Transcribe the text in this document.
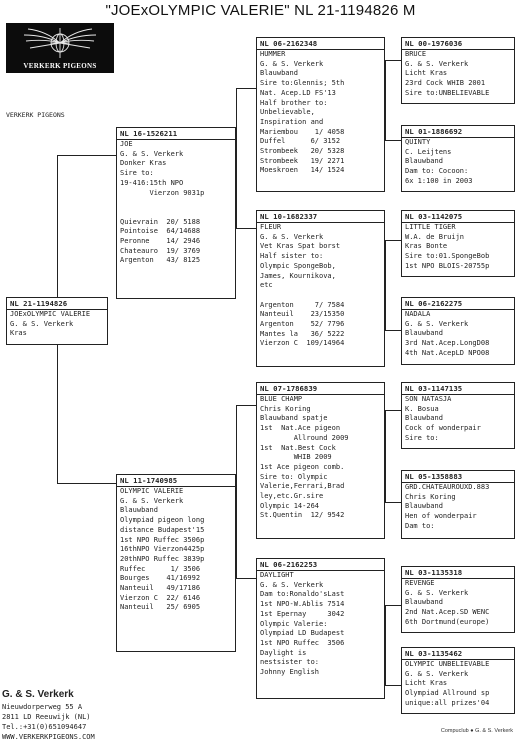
"JOExOLYMPIC VALERIE" NL 21-1194826 M
VERKERK PIGEONS
VERKERK PIGEONS
NL 21-1194826
JOExOLYMPIC VALERIE
G. & S. Verkerk
Kras
NL 16-1526211
JOE
G. & S. Verkerk
Donker Kras
Sire to:
19-416:15th NPO
Vierzon 9031p

Quievrain  20/ 5188
Pointoise  64/14688
Peronne    14/ 2946
Chateauro  19/ 3769
Argenton   43/ 8125
NL 11-1740985
OLYMPIC VALERIE
G. & S. Verkerk
Blauwband
Olympiad pigeon long
distance Budapest'15
1st NPO Ruffec 3506p
16thNPO Vierzon4425p
20thNPO Ruffec 3839p
Ruffec      1/ 3506
Bourges    41/16992
Nanteuil   49/17186
Vierzon C  22/ 6146
Nanteuil   25/ 6905
NL 06-2162348
HUMMER
G. & S. Verkerk
Blauwband
Sire to:Glennis; 5th
Nat. Acep.LD FS'13
Half brother to:
Unbelievable,
Inspiration and
Mariembou    1/ 4058
Duffel      6/ 3152
Strombeek   20/ 5328
Strombeek   19/ 2271
Moeskroen   14/ 1524
NL 10-1682337
FLEUR
G. & S. Verkerk
Vet Kras Spat borst
Half sister to:
Olympic SpongeBob,
James, Kournikova,
etc

Argenton     7/ 7584
Nanteuil    23/15350
Argenton    52/ 7796
Mantes la   36/ 5222
Vierzon C  109/14964
NL 07-1786839
BLUE CHAMP
Chris Koring
Blauwband spatje
1st  Nat.Ace pigeon
Allround 2009
1st  Nat.Best Cock
WHIB 2009
1st Ace pigeon comb.
Sire to: Olympic
Valerie,Ferrari,Brad
ley,etc.Gr.sire
Olympic 14-264
St.Quentin  12/ 9542
NL 06-2162253
DAYLIGHT
G. & S. Verkerk
Dam to:Ronaldo'sLast
1st NPO-W.Ablis 7514
1st Epernay     3042
Olympic Valerie:
Olympiad LD Budapest
1st NPO Ruffec  3506
Daylight is
nestsister to:
Johnny English
NL 00-1976036
BRUCE
G. & S. Verkerk
Licht Kras
23rd Cock WHIB 2001
Sire to:UNBELIEVABLE
NL 01-1886692
QUINTY
C. Leijtens
Blauwband
Dam to: Cocoon:
6x 1:100 in 2003
NL 03-1142075
LITTLE TIGER
W.A. de Bruijn
Kras Bonte
Sire to:01.SpongeBob
1st NPO BLOIS-20755p
NL 06-2162275
NADALA
G. & S. Verkerk
Blauwband
3rd Nat.Acep.LongD08
4th Nat.AcepLD NPO08
NL 03-1147135
SON NATASJA
K. Bosua
Blauwband
Cock of wonderpair
Sire to:
NL 05-1358883
GRD.CHATEAUROUXD.883
Chris Koring
Blauwband
Hen of wonderpair
Dam to:
NL 03-1135318
REVENGE
G. & S. Verkerk
Blauwband
2nd Nat.Acep.SD WENC
6th Dortmund(europe)
NL 03-1135462
OLYMPIC UNBELIEVABLE
G. & S. Verkerk
Licht Kras
Olympiad Allround sp
unique:all prizes'04
G. & S. Verkerk
Nieuwdorperweg 55 A
2811 LD Reeuwijk (NL)
Tel.:+31(0)651094647
WWW.VERKERKPIGEONS.COM
Compuclub ● G. & S. Verkerk
